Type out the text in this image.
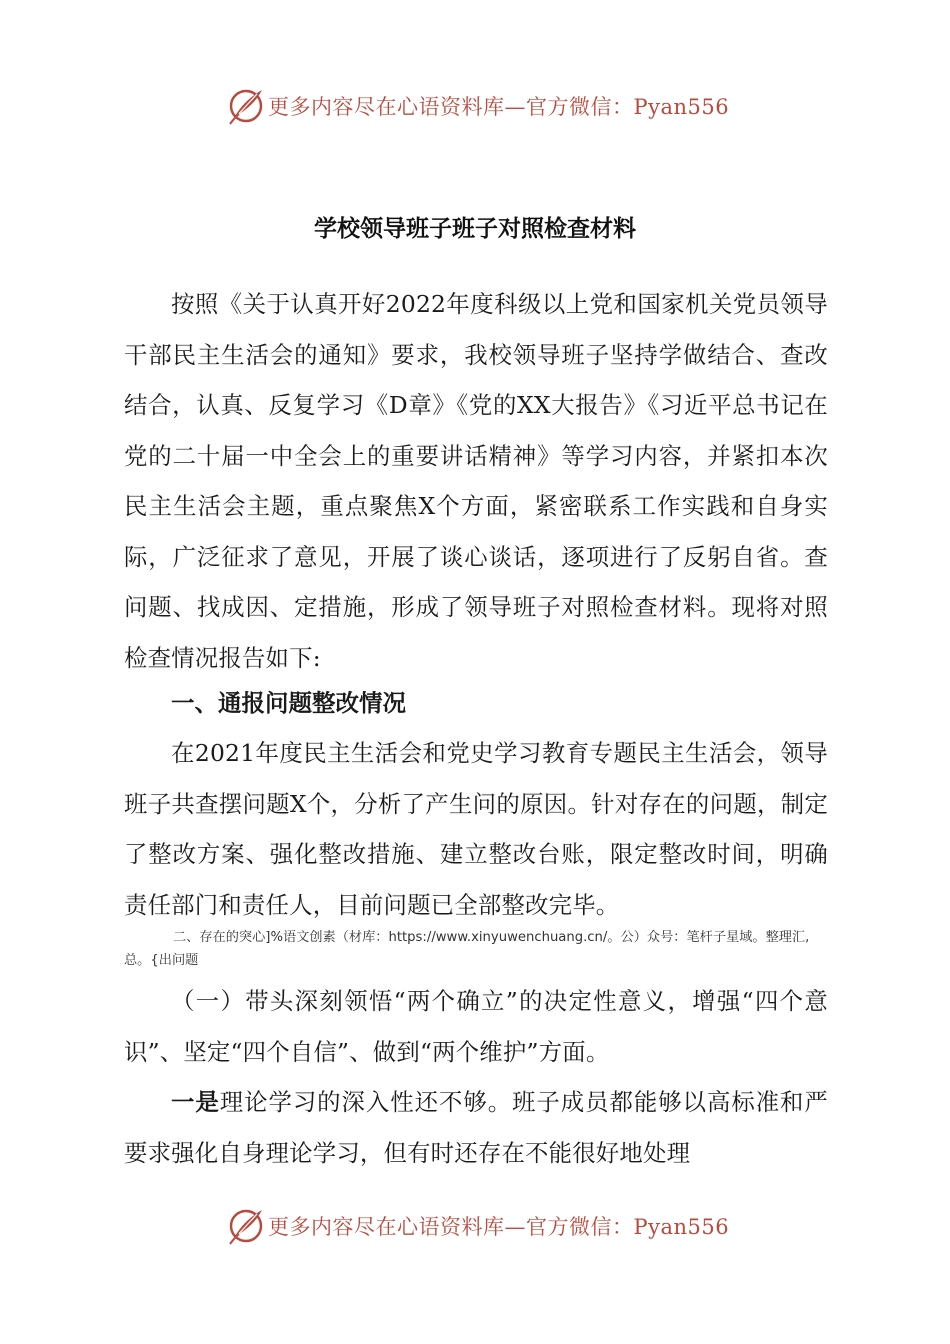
更多内容尽在心语资料库—官方微信：Pyan556
学校领导班子班子对照检查材料

按照《关于认真开好2022年度科级以上党和国家机关党员领导干部民主生活会的通知》要求，我校领导班子坚持学做结合、查改结合，认真、反复学习《D章》《党的XX大报告》《习近平总书记在党的二十届一中全会上的重要讲话精神》等学习内容，并紧扣本次民主生活会主题，重点聚焦X个方面，紧密联系工作实践和自身实际，广泛征求了意见，开展了谈心谈话，逐项进行了反躬自省。查问题、找成因、定措施，形成了领导班子对照检查材料。现将对照检查情况报告如下:

一、通报问题整改情况

在2021年度民主生活会和党史学习教育专题民主生活会，领导班子共查摆问题X个，分析了产生问的原因。针对存在的问题，制定了整改方案、强化整改措施、建立整改台账，限定整改时间，明确责任部门和责任人，目前问题已全部整改完毕。

二、存在的突心]%语文创素（材库：https://www.xinyuwenchuang.cn/。公）众号：笔杆子星域。整理汇,总。{出问题

（一）带头深刻领悟“两个确立”的决定性意义，增强“四个意识”、坚定“四个自信”、做到“两个维护”方面。

一是理论学习的深入性还不够。班子成员都能够以高标准和严要求强化自身理论学习，但有时还存在不能很好地处理

更多内容尽在心语资料库—官方微信：Pyan556
